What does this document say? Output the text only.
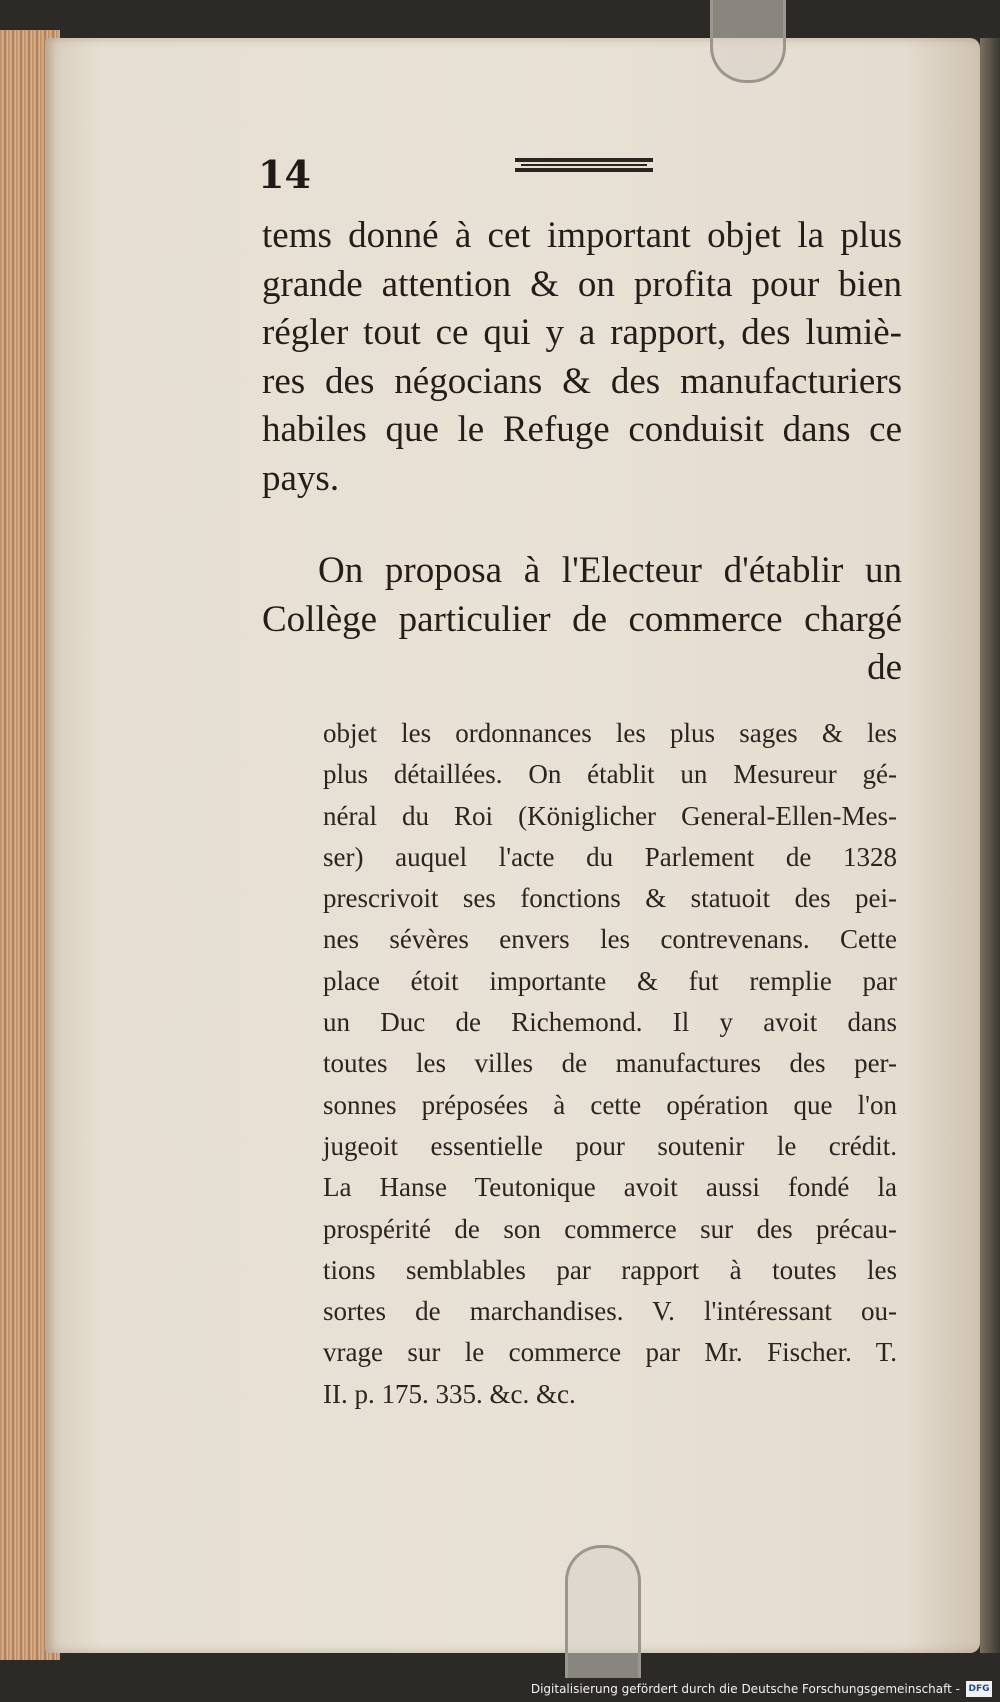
14
tems donné à cet important objet la plus
grande attention & on profita pour bien
régler tout ce qui y a rapport, des lumiè-
res des négocians & des manufacturiers
habiles que le Refuge conduisit dans ce
pays.
On proposa à l'Electeur d'établir un
Collège particulier de commerce chargé
de
objet les ordonnances les plus sages & les
plus détaillées. On établit un Mesureur gé-
néral du Roi (Königlicher General-Ellen-Mes-
ser) auquel l'acte du Parlement de 1328
prescrivoit ses fonctions & statuoit des pei-
nes sévères envers les contrevenans. Cette
place étoit importante & fut remplie par
un Duc de Richemond. Il y avoit dans
toutes les villes de manufactures des per-
sonnes préposées à cette opération que l'on
jugeoit essentielle pour soutenir le crédit.
La Hanse Teutonique avoit aussi fondé la
prospérité de son commerce sur des précau-
tions semblables par rapport à toutes les
sortes de marchandises. V. l'intéressant ou-
vrage sur le commerce par Mr. Fischer. T.
II. p. 175. 335. &c. &c.
Digitalisierung gefördert durch die Deutsche Forschungsgemeinschaft - DFG
